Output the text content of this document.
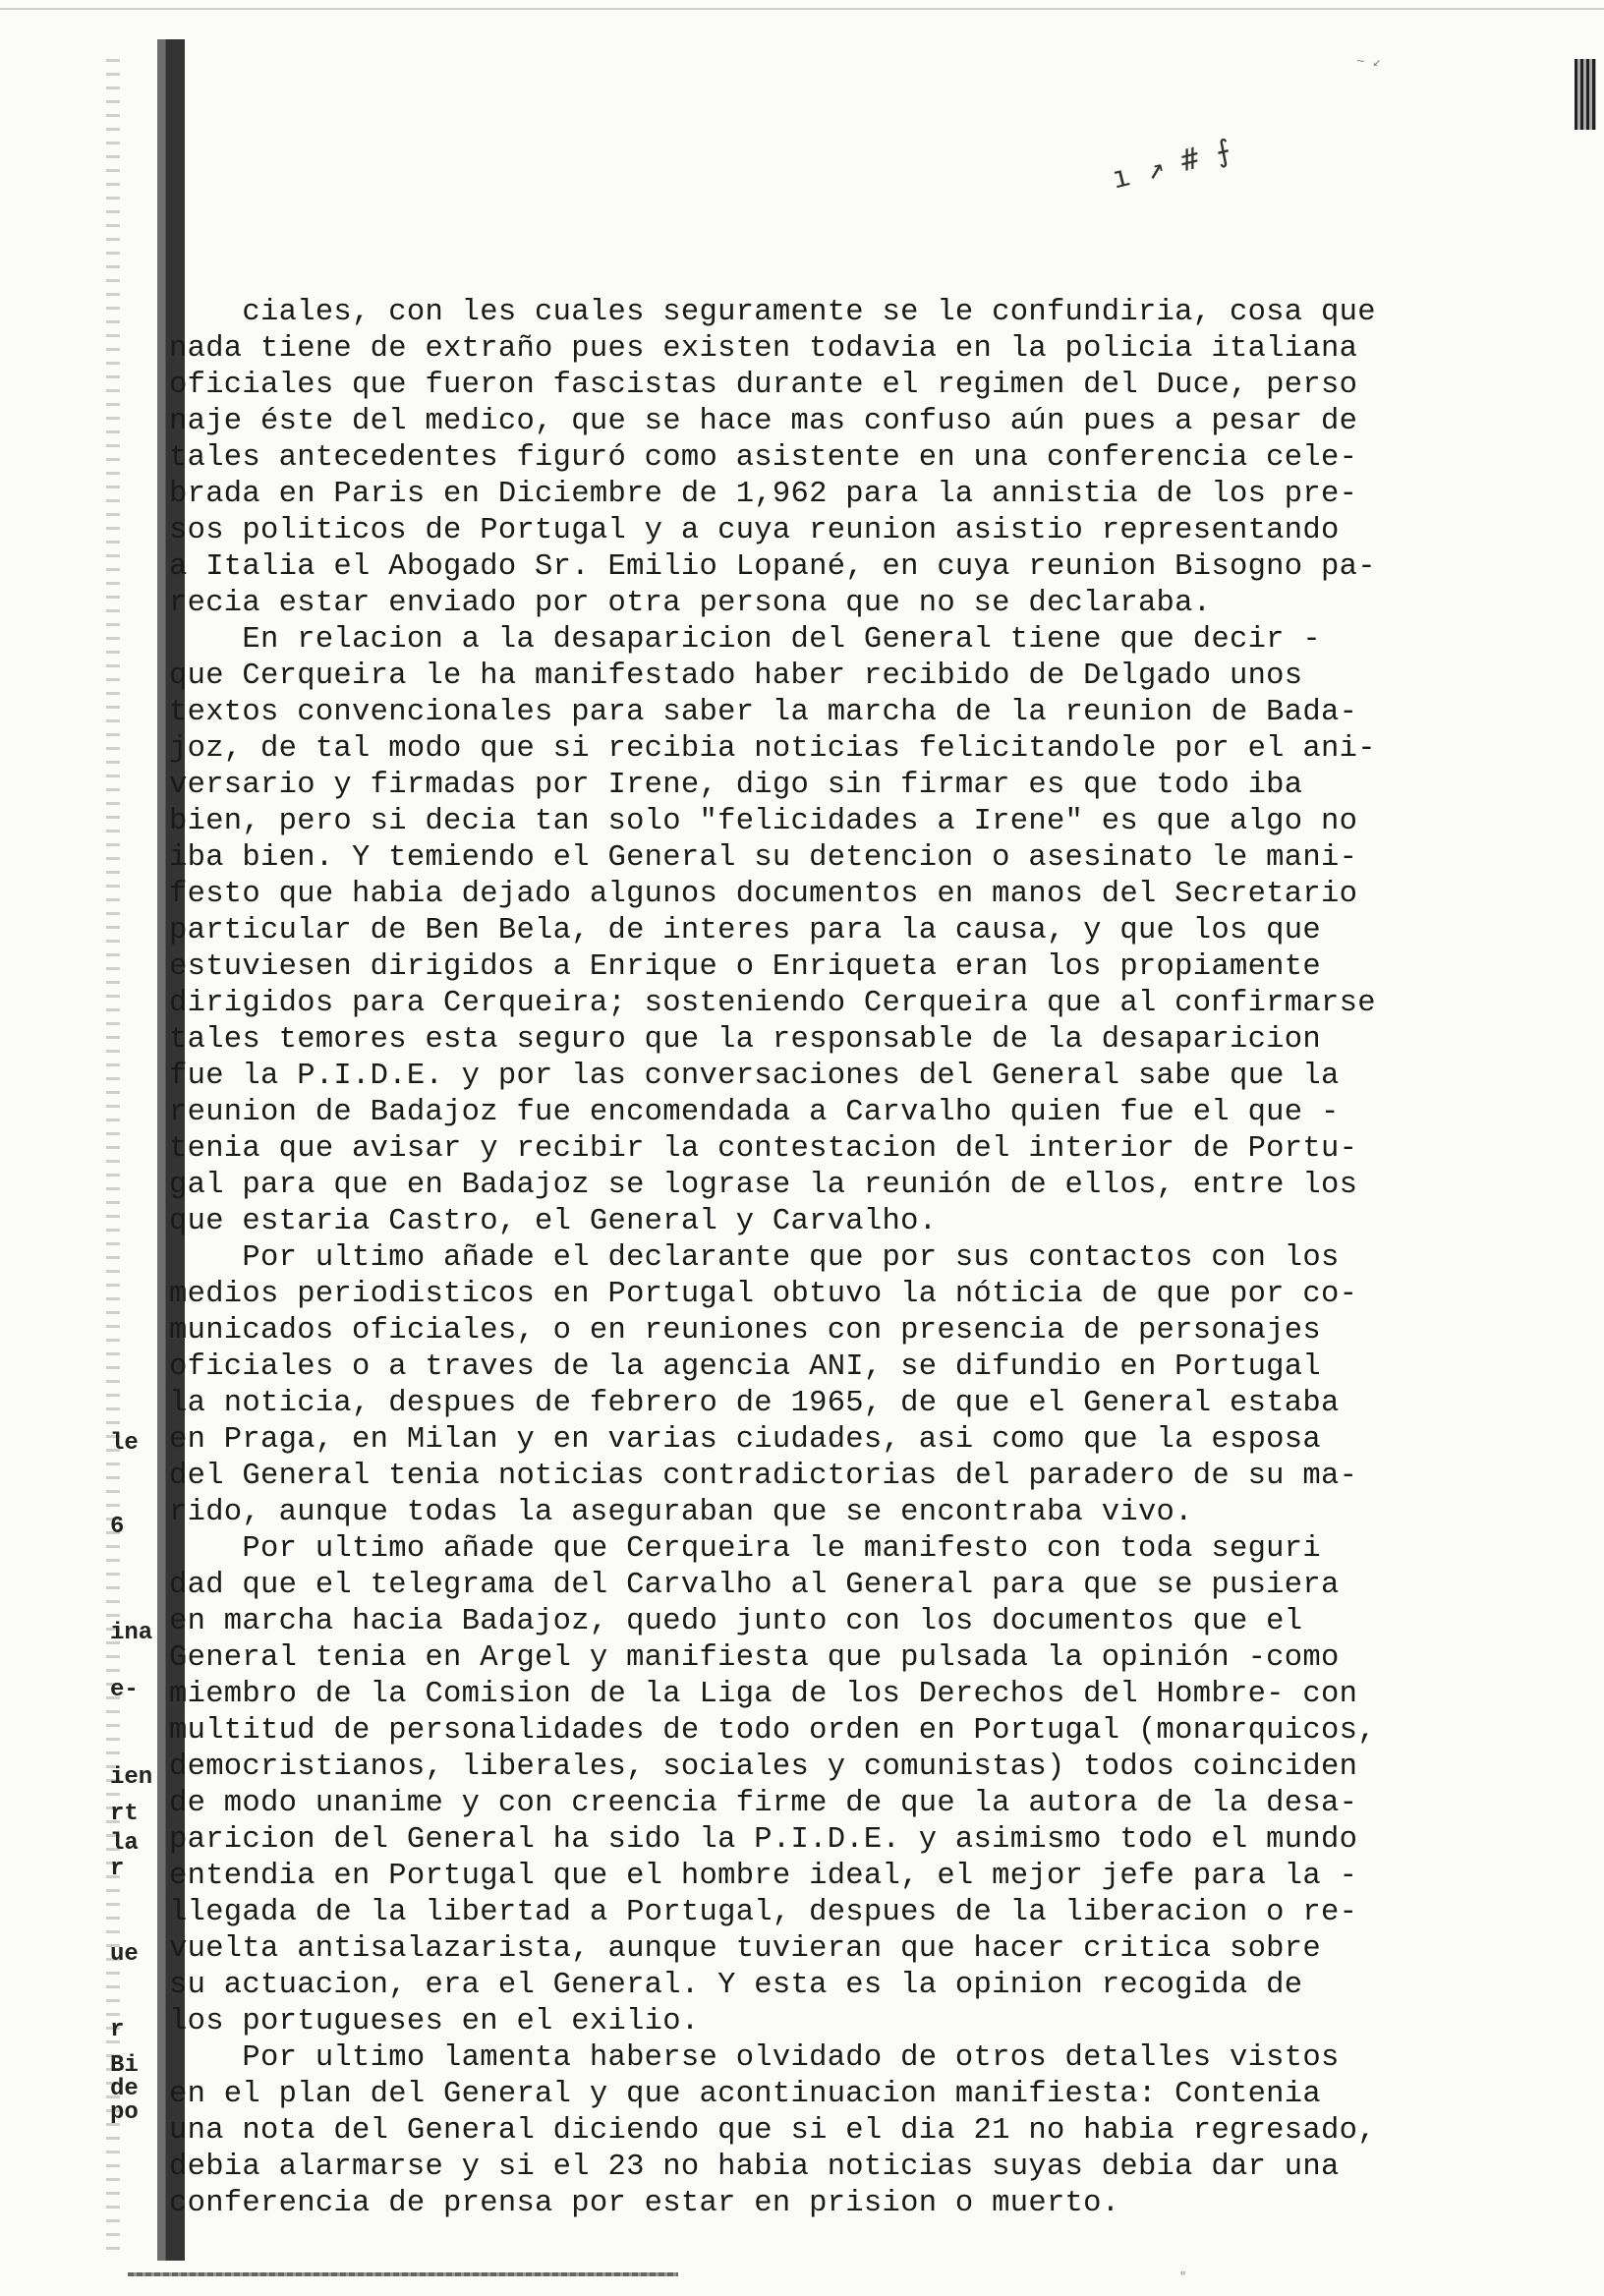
~ ↙
ı ↗ # ⨍
le
6
ina
e-
ien
rt
la
r
ue
r
Bi
de
po
ciales, con les cuales seguramente se le confundiria, cosa que
nada tiene de extraño pues existen todavia en la policia italiana
oficiales que fueron fascistas durante el regimen del Duce, perso
naje éste del medico, que se hace mas confuso aún pues a pesar de
tales antecedentes figuró como asistente en una conferencia cele-
brada en Paris en Diciembre de 1,962 para la annistia de los pre-
sos politicos de Portugal y a cuya reunion asistio representando
a Italia el Abogado Sr. Emilio Lopané, en cuya reunion Bisogno pa-
recia estar enviado por otra persona que no se declaraba.
En relacion a la desaparicion del General tiene que decir -
que Cerqueira le ha manifestado haber recibido de Delgado unos
textos convencionales para saber la marcha de la reunion de Bada-
joz, de tal modo que si recibia noticias felicitandole por el ani-
versario y firmadas por Irene, digo sin firmar es que todo iba
bien, pero si decia tan solo "felicidades a Irene" es que algo no
iba bien. Y temiendo el General su detencion o asesinato le mani-
festo que habia dejado algunos documentos en manos del Secretario
particular de Ben Bela, de interes para la causa, y que los que
estuviesen dirigidos a Enrique o Enriqueta eran los propiamente
dirigidos para Cerqueira; sosteniendo Cerqueira que al confirmarse
tales temores esta seguro que la responsable de la desaparicion
fue la P.I.D.E. y por las conversaciones del General sabe que la
reunion de Badajoz fue encomendada a Carvalho quien fue el que -
tenia que avisar y recibir la contestacion del interior de Portu-
gal para que en Badajoz se lograse la reunión de ellos, entre los
que estaria Castro, el General y Carvalho.
Por ultimo añade el declarante que por sus contactos con los
medios periodisticos en Portugal obtuvo la nóticia de que por co-
municados oficiales, o en reuniones con presencia de personajes
oficiales o a traves de la agencia ANI, se difundio en Portugal
la noticia, despues de febrero de 1965, de que el General estaba
en Praga, en Milan y en varias ciudades, asi como que la esposa
del General tenia noticias contradictorias del paradero de su ma-
rido, aunque todas la aseguraban que se encontraba vivo.
Por ultimo añade que Cerqueira le manifesto con toda seguri
dad que el telegrama del Carvalho al General para que se pusiera
en marcha hacia Badajoz, quedo junto con los documentos que el
General tenia en Argel y manifiesta que pulsada la opinión -como
miembro de la Comision de la Liga de los Derechos del Hombre- con
multitud de personalidades de todo orden en Portugal (monarquicos,
democristianos, liberales, sociales y comunistas) todos coinciden
de modo unanime y con creencia firme de que la autora de la desa-
paricion del General ha sido la P.I.D.E. y asimismo todo el mundo
entendia en Portugal que el hombre ideal, el mejor jefe para la -
llegada de la libertad a Portugal, despues de la liberacion o re-
vuelta antisalazarista, aunque tuvieran que hacer critica sobre
su actuacion, era el General. Y esta es la opinion recogida de
los portugueses en el exilio.
Por ultimo lamenta haberse olvidado de otros detalles vistos
en el plan del General y que acontinuacion manifiesta: Contenia
una nota del General diciendo que si el dia 21 no habia regresado,
debia alarmarse y si el 23 no habia noticias suyas debia dar una
conferencia de prensa por estar en prision o muerto.
"
